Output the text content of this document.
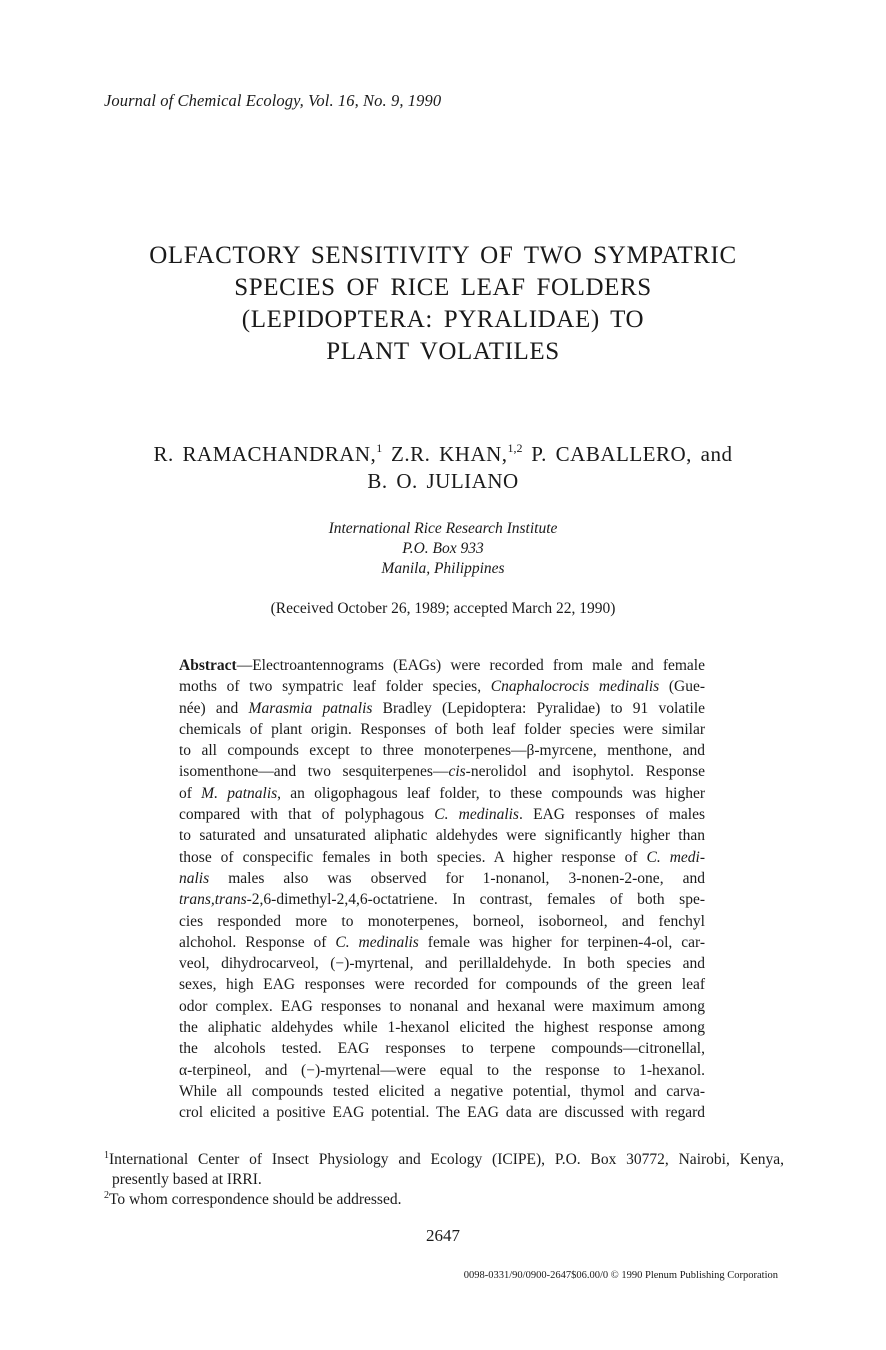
Journal of Chemical Ecology, Vol. 16, No. 9, 1990
OLFACTORY SENSITIVITY OF TWO SYMPATRIC
SPECIES OF RICE LEAF FOLDERS
(LEPIDOPTERA: PYRALIDAE) TO
PLANT VOLATILES
R. RAMACHANDRAN,$^1$ Z.R. KHAN,$^{1,2}$ P. CABALLERO, and
B. O. JULIANO
International Rice Research Institute
P.O. Box 933
Manila, Philippines
(Received October 26, 1989; accepted March 22, 1990)
Abstract—Electroantennograms (EAGs) were recorded from male and female
moths of two sympatric leaf folder species, Cnaphalocrocis medinalis (Gue-
née) and Marasmia patnalis Bradley (Lepidoptera: Pyralidae) to 91 volatile
chemicals of plant origin. Responses of both leaf folder species were similar
to all compounds except to three monoterpenes—β-myrcene, menthone, and
isomenthone—and two sesquiterpenes—cis-nerolidol and isophytol. Response
of M. patnalis, an oligophagous leaf folder, to these compounds was higher
compared with that of polyphagous C. medinalis. EAG responses of males
to saturated and unsaturated aliphatic aldehydes were significantly higher than
those of conspecific females in both species. A higher response of C. medi-
nalis males also was observed for 1-nonanol, 3-nonen-2-one, and
trans,trans-2,6-dimethyl-2,4,6-octatriene. In contrast, females of both spe-
cies responded more to monoterpenes, borneol, isoborneol, and fenchyl
alchohol. Response of C. medinalis female was higher for terpinen-4-ol, car-
veol, dihydrocarveol, (−)-myrtenal, and perillaldehyde. In both species and
sexes, high EAG responses were recorded for compounds of the green leaf
odor complex. EAG responses to nonanal and hexanal were maximum among
the aliphatic aldehydes while 1-hexanol elicited the highest response among
the alcohols tested. EAG responses to terpene compounds—citronellal,
α-terpineol, and (−)-myrtenal—were equal to the response to 1-hexanol.
While all compounds tested elicited a negative potential, thymol and carva-
crol elicited a positive EAG potential. The EAG data are discussed with regard
$^1$International Center of Insect Physiology and Ecology (ICIPE), P.O. Box 30772, Nairobi, Kenya,
presently based at IRRI.
$^2$To whom correspondence should be addressed.
2647
0098-0331/90/0900-2647$06.00/0 © 1990 Plenum Publishing Corporation
